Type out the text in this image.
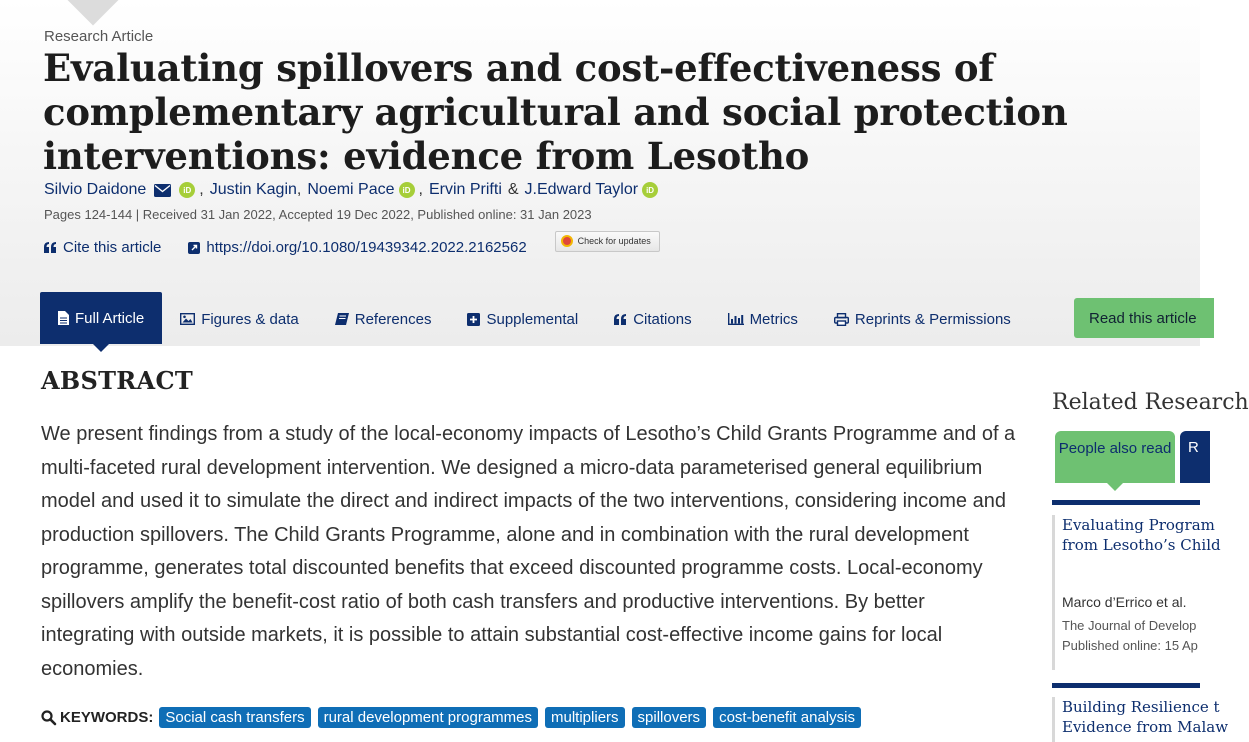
Research Article
Evaluating spillovers and cost-effectiveness of complementary agricultural and social protection interventions: evidence from Lesotho
Silvio Daidone	iD , Justin Kagin , Noemi Pace	iD , Ervin Prifti & J.Edward Taylor	iD
Pages 124-144 | Received 31 Jan 2022, Accepted 19 Dec 2022, Published online: 31 Jan 2023
Cite this article	https://doi.org/10.1080/19439342.2022.2162562	Check for updates
Full Article	Figures & data	References	Supplemental	Citations	Metrics	Reprints & Permissions	Read this article
ABSTRACT

We present findings from a study of the local-economy impacts of Lesotho’s Child Grants Programme and of a multi-faceted rural development intervention. We designed a micro-data parameterised general equilibrium model and used it to simulate the direct and indirect impacts of the two interventions, considering income and production spillovers. The Child Grants Programme, alone and in combination with the rural development programme, generates total discounted benefits that exceed discounted programme costs. Local-economy spillovers amplify the benefit-cost ratio of both cash transfers and productive interventions. By better integrating with outside markets, it is possible to attain substantial cost-effective income gains for local economies.

KEYWORDS: Social cash transfers	rural development programmes	multipliers	spillovers	cost-benefit analysis
Related Research
People also read	R
Evaluating Program
from Lesotho’s Child
Marco d’Errico et al.
The Journal of Develop
Published online: 15 Ap
Building Resilience t
Evidence from Malaw
